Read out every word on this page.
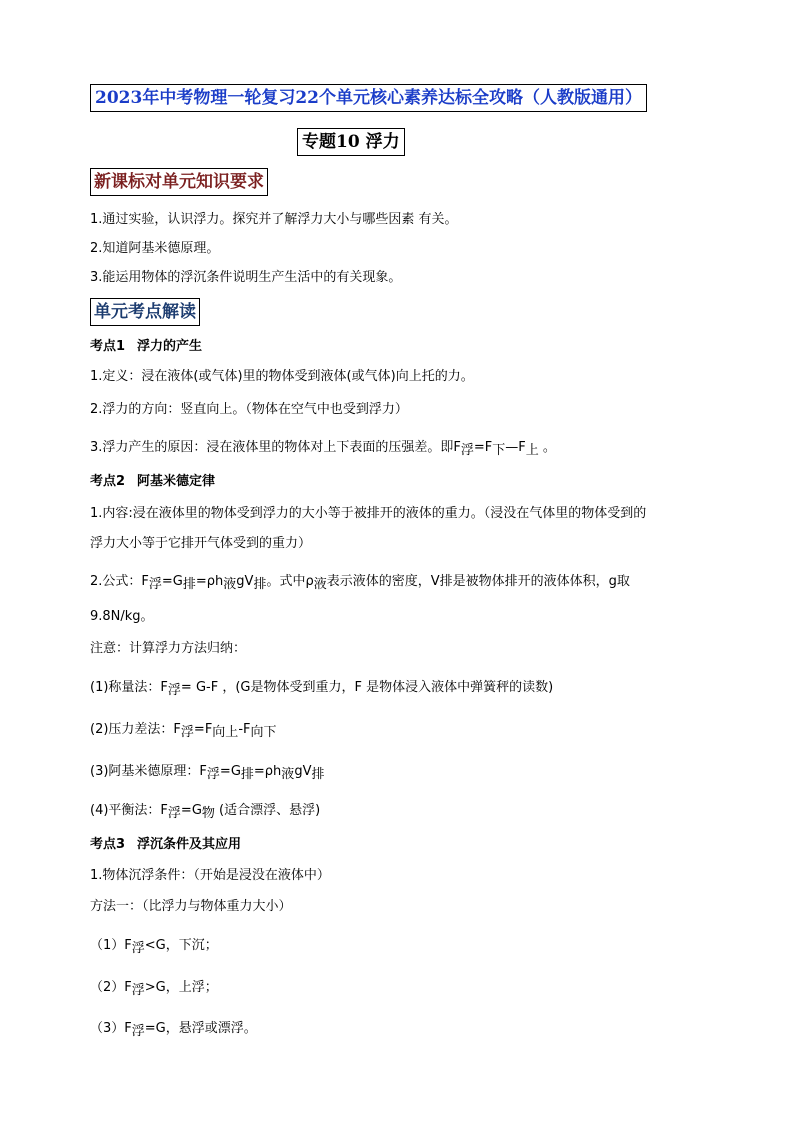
2023年中考物理一轮复习22个单元核心素养达标全攻略（人教版通用）
专题10 浮力
新课标对单元知识要求
1.通过实验，认识浮力。探究并了解浮力大小与哪些因素 有关。
2.知道阿基米德原理。
3.能运用物体的浮沉条件说明生产生活中的有关现象。
单元考点解读
考点1 浮力的产生
1.定义：浸在液体(或气体)里的物体受到液体(或气体)向上托的力。
2.浮力的方向：竖直向上。（物体在空气中也受到浮力）
3.浮力产生的原因：浸在液体里的物体对上下表面的压强差。即F浮=F下—F上 。
考点2 阿基米德定律
1.内容:浸在液体里的物体受到浮力的大小等于被排开的液体的重力。（浸没在气体里的物体受到的
浮力大小等于它排开气体受到的重力）
2.公式：F浮=G排=ρh液gV排。式中ρ液表示液体的密度，V排是被物体排开的液体体积，g取
9.8N/kg。
注意：计算浮力方法归纳：
(1)称量法：F浮= G-F ，(G是物体受到重力，F 是物体浸入液体中弹簧秤的读数)
(2)压力差法：F浮=F向上-F向下
(3)阿基米德原理：F浮=G排=ρh液gV排
(4)平衡法：F浮=G物 (适合漂浮、悬浮)
考点3 浮沉条件及其应用
1.物体沉浮条件：（开始是浸没在液体中）
方法一：（比浮力与物体重力大小）
（1）F浮<G，下沉；
（2）F浮>G，上浮；
（3）F浮=G，悬浮或漂浮。
